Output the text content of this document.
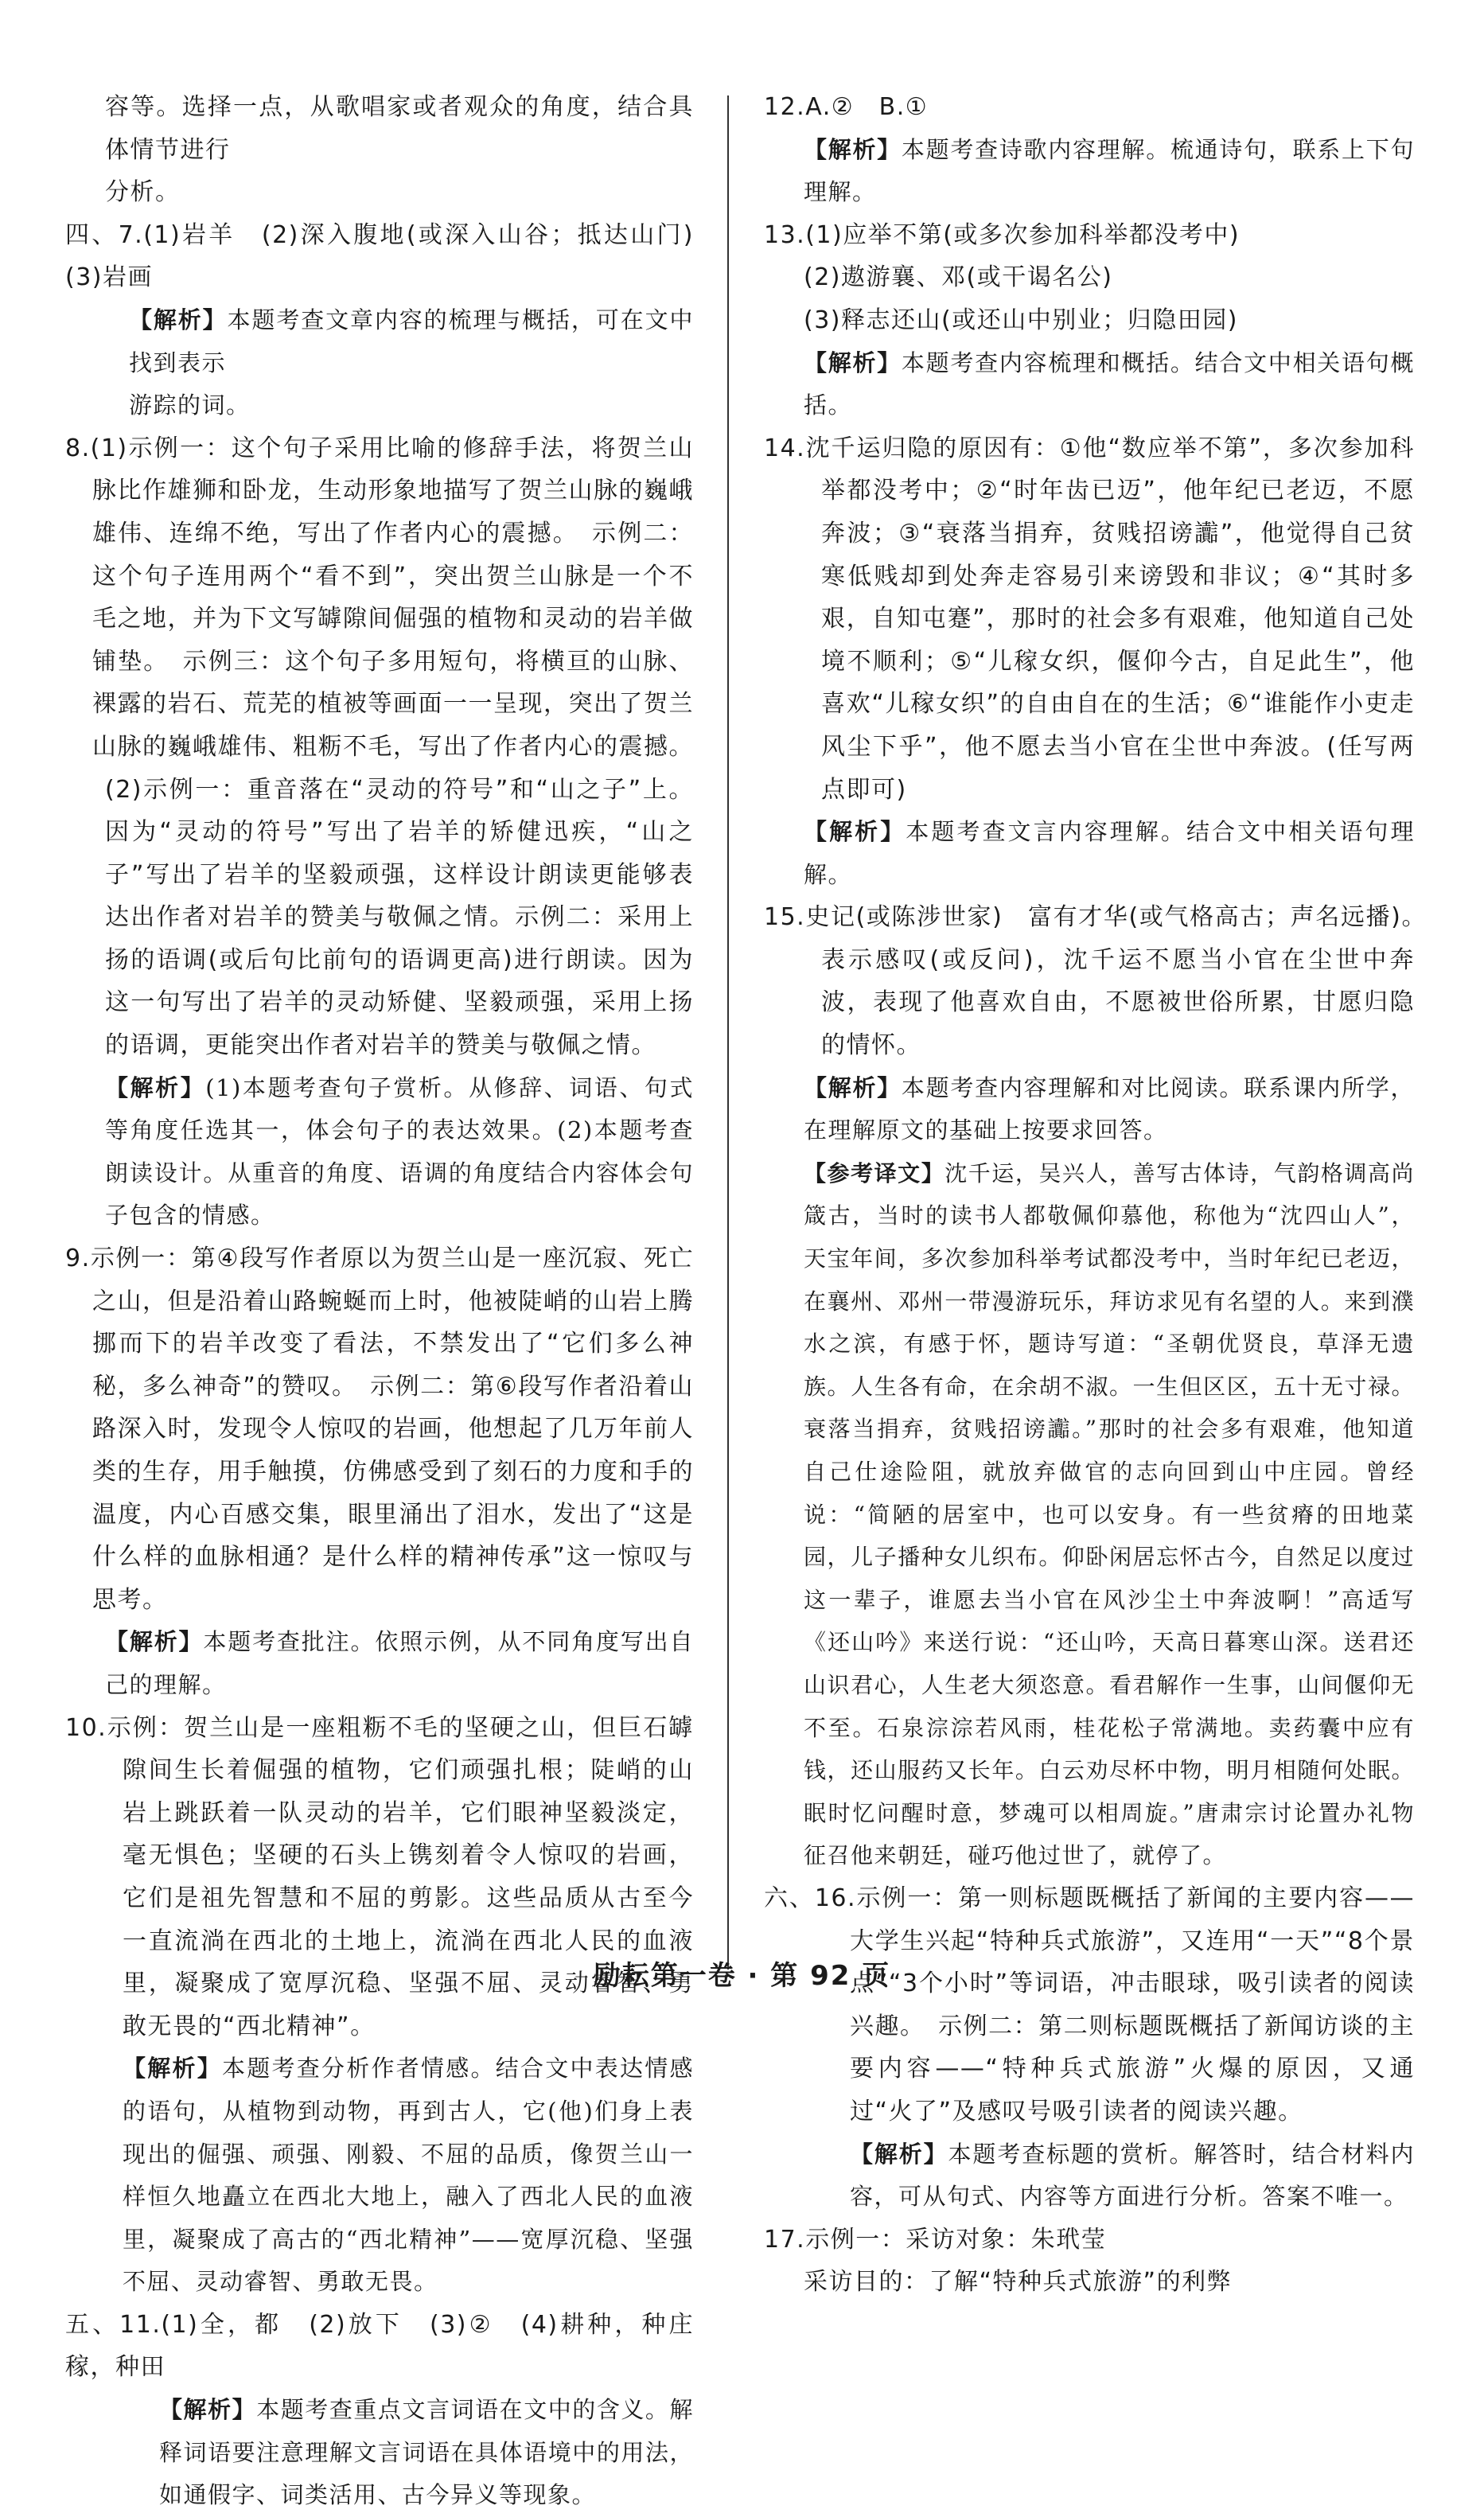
容等。选择一点，从歌唱家或者观众的角度，结合具体情节进行

分析。

四、7.(1)岩羊　(2)深入腹地(或深入山谷；抵达山门)　(3)岩画

【解析】本题考查文章内容的梳理与概括，可在文中找到表示

游踪的词。

8.(1)示例一：这个句子采用比喻的修辞手法，将贺兰山脉比作雄狮和卧龙，生动形象地描写了贺兰山脉的巍峨雄伟、连绵不绝，写出了作者内心的震撼。　示例二：这个句子连用两个“看不到”，突出贺兰山脉是一个不毛之地，并为下文写罅隙间倔强的植物和灵动的岩羊做铺垫。　示例三：这个句子多用短句，将横亘的山脉、裸露的岩石、荒芜的植被等画面一一呈现，突出了贺兰山脉的巍峨雄伟、粗粝不毛，写出了作者内心的震撼。

(2)示例一：重音落在“灵动的符号”和“山之子”上。因为“灵动的符号”写出了岩羊的矫健迅疾，“山之子”写出了岩羊的坚毅顽强，这样设计朗读更能够表达出作者对岩羊的赞美与敬佩之情。示例二：采用上扬的语调(或后句比前句的语调更高)进行朗读。因为这一句写出了岩羊的灵动矫健、坚毅顽强，采用上扬的语调，更能突出作者对岩羊的赞美与敬佩之情。

【解析】(1)本题考查句子赏析。从修辞、词语、句式等角度任选其一，体会句子的表达效果。(2)本题考查朗读设计。从重音的角度、语调的角度结合内容体会句子包含的情感。

9.示例一：第④段写作者原以为贺兰山是一座沉寂、死亡之山，但是沿着山路蜿蜒而上时，他被陡峭的山岩上腾挪而下的岩羊改变了看法，不禁发出了“它们多么神秘，多么神奇”的赞叹。　示例二：第⑥段写作者沿着山路深入时，发现令人惊叹的岩画，他想起了几万年前人类的生存，用手触摸，仿佛感受到了刻石的力度和手的温度，内心百感交集，眼里涌出了泪水，发出了“这是什么样的血脉相通？是什么样的精神传承”这一惊叹与思考。

【解析】本题考查批注。依照示例，从不同角度写出自己的理解。

10.示例：贺兰山是一座粗粝不毛的坚硬之山，但巨石罅隙间生长着倔强的植物，它们顽强扎根；陡峭的山岩上跳跃着一队灵动的岩羊，它们眼神坚毅淡定，毫无惧色；坚硬的石头上镌刻着令人惊叹的岩画，它们是祖先智慧和不屈的剪影。这些品质从古至今一直流淌在西北的土地上，流淌在西北人民的血液里，凝聚成了宽厚沉稳、坚强不屈、灵动睿智、勇敢无畏的“西北精神”。

【解析】本题考查分析作者情感。结合文中表达情感的语句，从植物到动物，再到古人，它(他)们身上表现出的倔强、顽强、刚毅、不屈的品质，像贺兰山一样恒久地矗立在西北大地上，融入了西北人民的血液里，凝聚成了高古的“西北精神”——宽厚沉稳、坚强不屈、灵动睿智、勇敢无畏。

五、11.(1)全，都　(2)放下　(3)②　(4)耕种，种庄稼，种田

【解析】本题考查重点文言词语在文中的含义。解释词语要注意理解文言词语在具体语境中的用法，如通假字、词类活用、古今异义等现象。

12.A.②　B.①

【解析】本题考查诗歌内容理解。梳通诗句，联系上下句理解。

13.(1)应举不第(或多次参加科举都没考中)

(2)遨游襄、邓(或干谒名公)

(3)释志还山(或还山中别业；归隐田园)

【解析】本题考查内容梳理和概括。结合文中相关语句概括。

14.沈千运归隐的原因有：①他“数应举不第”，多次参加科举都没考中；②“时年齿已迈”，他年纪已老迈，不愿奔波；③“衰落当捐弃，贫贱招谤讟”，他觉得自己贫寒低贱却到处奔走容易引来谤毁和非议；④“其时多艰，自知屯蹇”，那时的社会多有艰难，他知道自己处境不顺利；⑤“儿稼女织，偃仰今古，自足此生”，他喜欢“儿稼女织”的自由自在的生活；⑥“谁能作小吏走风尘下乎”，他不愿去当小官在尘世中奔波。(任写两点即可)

【解析】本题考查文言内容理解。结合文中相关语句理解。

15.史记(或陈涉世家)　富有才华(或气格高古；声名远播)。　表示感叹(或反问)，沈千运不愿当小官在尘世中奔波，表现了他喜欢自由，不愿被世俗所累，甘愿归隐的情怀。

【解析】本题考查内容理解和对比阅读。联系课内所学，在理解原文的基础上按要求回答。

【参考译文】沈千运，吴兴人，善写古体诗，气韵格调高尚箴古，当时的读书人都敬佩仰慕他，称他为“沈四山人”，天宝年间，多次参加科举考试都没考中，当时年纪已老迈，在襄州、邓州一带漫游玩乐，拜访求见有名望的人。来到濮水之滨，有感于怀，题诗写道：“圣朝优贤良，草泽无遗族。人生各有命，在余胡不淑。一生但区区，五十无寸禄。衰落当捐弃，贫贱招谤讟。”那时的社会多有艰难，他知道自己仕途险阻，就放弃做官的志向回到山中庄园。曾经说：“简陋的居室中，也可以安身。有一些贫瘠的田地菜园，儿子播种女儿织布。仰卧闲居忘怀古今，自然足以度过这一辈子，谁愿去当小官在风沙尘土中奔波啊！”高适写《还山吟》来送行说：“还山吟，天高日暮寒山深。送君还山识君心，人生老大须恣意。看君解作一生事，山间偃仰无不至。石泉淙淙若风雨，桂花松子常满地。卖药囊中应有钱，还山服药又长年。白云劝尽杯中物，明月相随何处眠。眠时忆问醒时意，梦魂可以相周旋。”唐肃宗讨论置办礼物征召他来朝廷，碰巧他过世了，就停了。

六、16.示例一：第一则标题既概括了新闻的主要内容——大学生兴起“特种兵式旅游”，又连用“一天”“8个景点”“3个小时”等词语，冲击眼球，吸引读者的阅读兴趣。　示例二：第二则标题既概括了新闻访谈的主要内容——“特种兵式旅游”火爆的原因，又通过“火了”及感叹号吸引读者的阅读兴趣。

【解析】本题考查标题的赏析。解答时，结合材料内容，可从句式、内容等方面进行分析。答案不唯一。

17.示例一：采访对象：朱玳莹

采访目的：了解“特种兵式旅游”的利弊

励耘第一卷 · 第 92 页
